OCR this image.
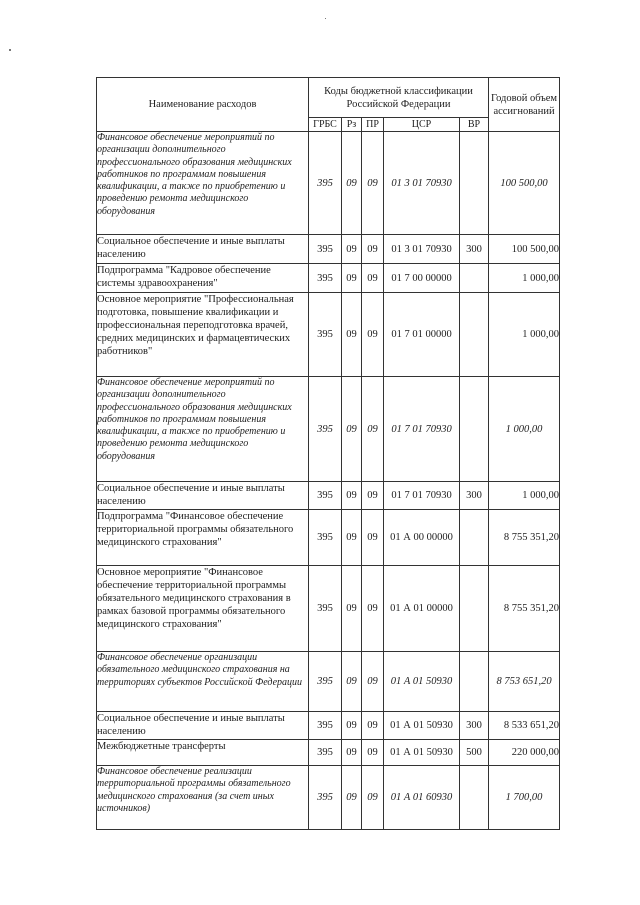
Наименование расходов	Коды бюджетной классификации Российской Федерации					Годовой объем ассигнований
	ГРБС	Рз	ПР	ЦСР	ВР	
Финансовое обеспечение мероприятий по организации дополнительного профессионального образования медицинских работников по программам повышения квалификации, а также по приобретению и проведению ремонта медицинского оборудования	395	09	09	01 3 01 70930		100 500,00
Социальное обеспечение и иные выплаты населению	395	09	09	01 3 01 70930	300	100 500,00
Подпрограмма "Кадровое обеспечение системы здравоохранения"	395	09	09	01 7 00 00000		1 000,00
Основное мероприятие "Профессиональная подготовка, повышение квалификации и профессиональная переподготовка врачей, средних медицинских и фармацевтических работников"	395	09	09	01 7 01 00000		1 000,00
Финансовое обеспечение мероприятий по организации дополнительного профессионального образования медицинских работников по программам повышения квалификации, а также по приобретению и проведению ремонта медицинского оборудования	395	09	09	01 7 01 70930		1 000,00
Социальное обеспечение и иные выплаты населению	395	09	09	01 7 01 70930	300	1 000,00
Подпрограмма "Финансовое обеспечение территориальной программы обязательного медицинского страхования"	395	09	09	01 А 00 00000		8 755 351,20
Основное мероприятие "Финансовое обеспечение территориальной программы обязательного медицинского страхования в рамках базовой программы обязательного медицинского страхования"	395	09	09	01 А 01 00000		8 755 351,20
Финансовое обеспечение организации обязательного медицинского страхования на территориях субъектов Российской Федерации	395	09	09	01 А 01 50930		8 753 651,20
Социальное обеспечение и иные выплаты населению	395	09	09	01 А 01 50930	300	8 533 651,20
Межбюджетные трансферты	395	09	09	01 А 01 50930	500	220 000,00
Финансовое обеспечение реализации территориальной программы обязательного медицинского страхования (за счет иных источников)	395	09	09	01 А 01 60930		1 700,00
